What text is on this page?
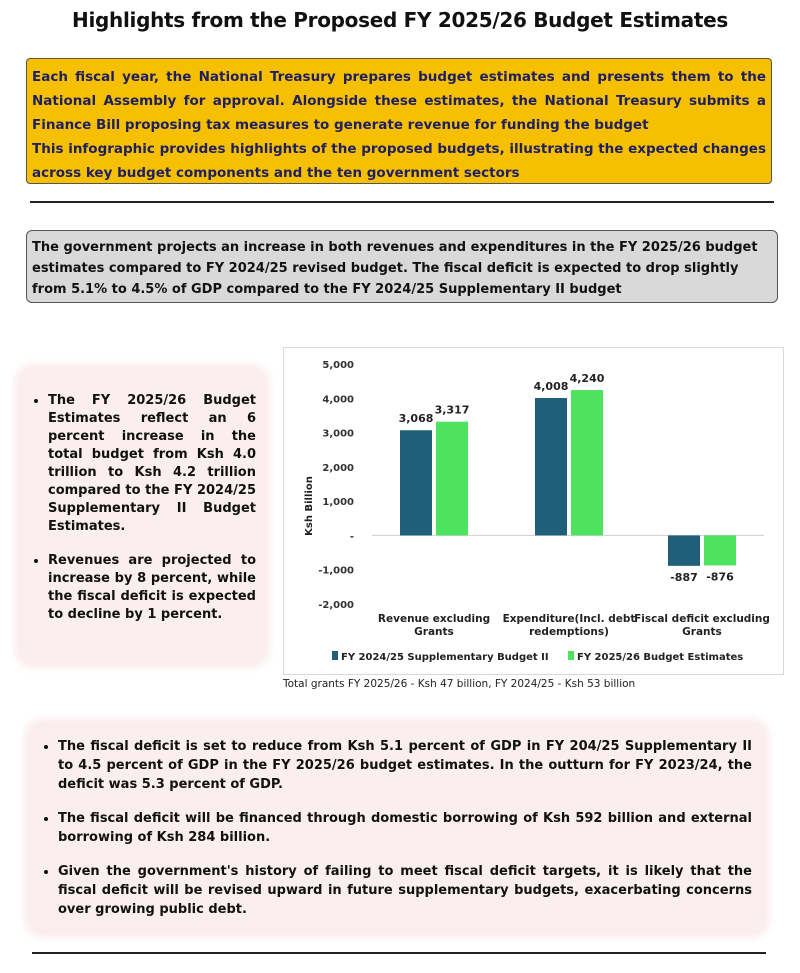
Highlights from the Proposed FY 2025/26 Budget Estimates

Each fiscal year, the National Treasury prepares budget estimates and presents them to the National Assembly for approval. Alongside these estimates, the National Treasury submits a Finance Bill proposing tax measures to generate revenue for funding the budget

This infographic provides highlights of the proposed budgets, illustrating the expected changes across key budget components and the ten government sectors

The government projects an increase in both revenues and expenditures in the FY 2025/26 budget estimates compared to FY 2024/25 revised budget. The fiscal deficit is expected to drop slightly from 5.1% to 4.5% of GDP compared to the FY 2024/25 Supplementary II budget
• The FY 2025/26 Budget Estimates reflect an 6 percent increase in the total budget from Ksh 4.0 trillion to Ksh 4.2 trillion compared to the FY 2024/25 Supplementary II Budget Estimates.
• Revenues are projected to increase by 8 percent, while the fiscal deficit is expected to decline by 1 percent.
5,000
4,000
3,000
2,000
1,000
-
-1,000
-2,000
Ksh Billion
3,068
4,008
-887
3,317
4,240
-876
Revenue excluding
Grants
Expenditure(Incl. debt
redemptions)
Fiscal deficit excluding
Grants
FY 2024/25 Supplementary Budget II	FY 2025/26 Budget Estimates
Total grants FY 2025/26 - Ksh 47 billion, FY 2024/25 - Ksh 53 billion
• The fiscal deficit is set to reduce from Ksh 5.1 percent of GDP in FY 204/25 Supplementary II to 4.5 percent of GDP in the FY 2025/26 budget estimates. In the outturn for FY 2023/24, the deficit was 5.3 percent of GDP.
• The fiscal deficit will be financed through domestic borrowing of Ksh 592 billion and external borrowing of Ksh 284 billion.
• Given the government's history of failing to meet fiscal deficit targets, it is likely that the fiscal deficit will be revised upward in future supplementary budgets, exacerbating concerns over growing public debt.
